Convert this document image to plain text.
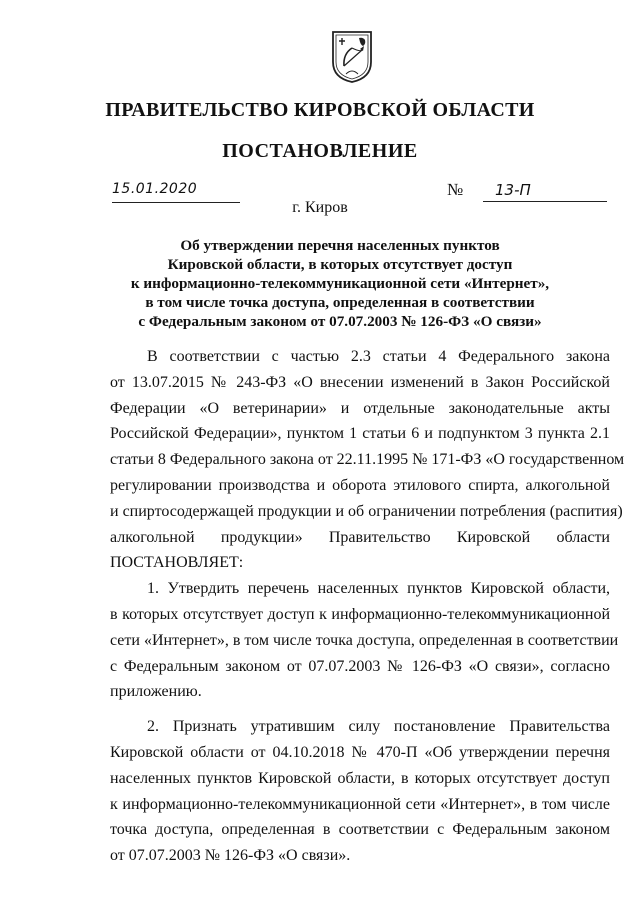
ПРАВИТЕЛЬСТВО КИРОВСКОЙ ОБЛАСТИ
ПОСТАНОВЛЕНИЕ
15.01.2020	№ 13-П
г. Киров
Об утверждении перечня населенных пунктов
Кировской области, в которых отсутствует доступ
к информационно-телекоммуникационной сети «Интернет»,
в том числе точка доступа, определенная в соответствии
с Федеральным законом от 07.07.2003 № 126-ФЗ «О связи»
В соответствии с частью 2.3 статьи 4 Федерального закона
от 13.07.2015 № 243-ФЗ «О внесении изменений в Закон Российской
Федерации «О ветеринарии» и отдельные законодательные акты
Российской Федерации», пунктом 1 статьи 6 и подпунктом 3 пункта 2.1
статьи 8 Федерального закона от 22.11.1995 № 171-ФЗ «О государственном
регулировании производства и оборота этилового спирта, алкогольной
и спиртосодержащей продукции и об ограничении потребления (распития)
алкогольной продукции» Правительство Кировской области
ПОСТАНОВЛЯЕТ:
1. Утвердить перечень населенных пунктов Кировской области,
в которых отсутствует доступ к информационно-телекоммуникационной
сети «Интернет», в том числе точка доступа, определенная в соответствии
с Федеральным законом от 07.07.2003 № 126-ФЗ «О связи», согласно
приложению.
2. Признать утратившим силу постановление Правительства
Кировской области от 04.10.2018 № 470-П «Об утверждении перечня
населенных пунктов Кировской области, в которых отсутствует доступ
к информационно-телекоммуникационной сети «Интернет», в том числе
точка доступа, определенная в соответствии с Федеральным законом
от 07.07.2003 № 126-ФЗ «О связи».
